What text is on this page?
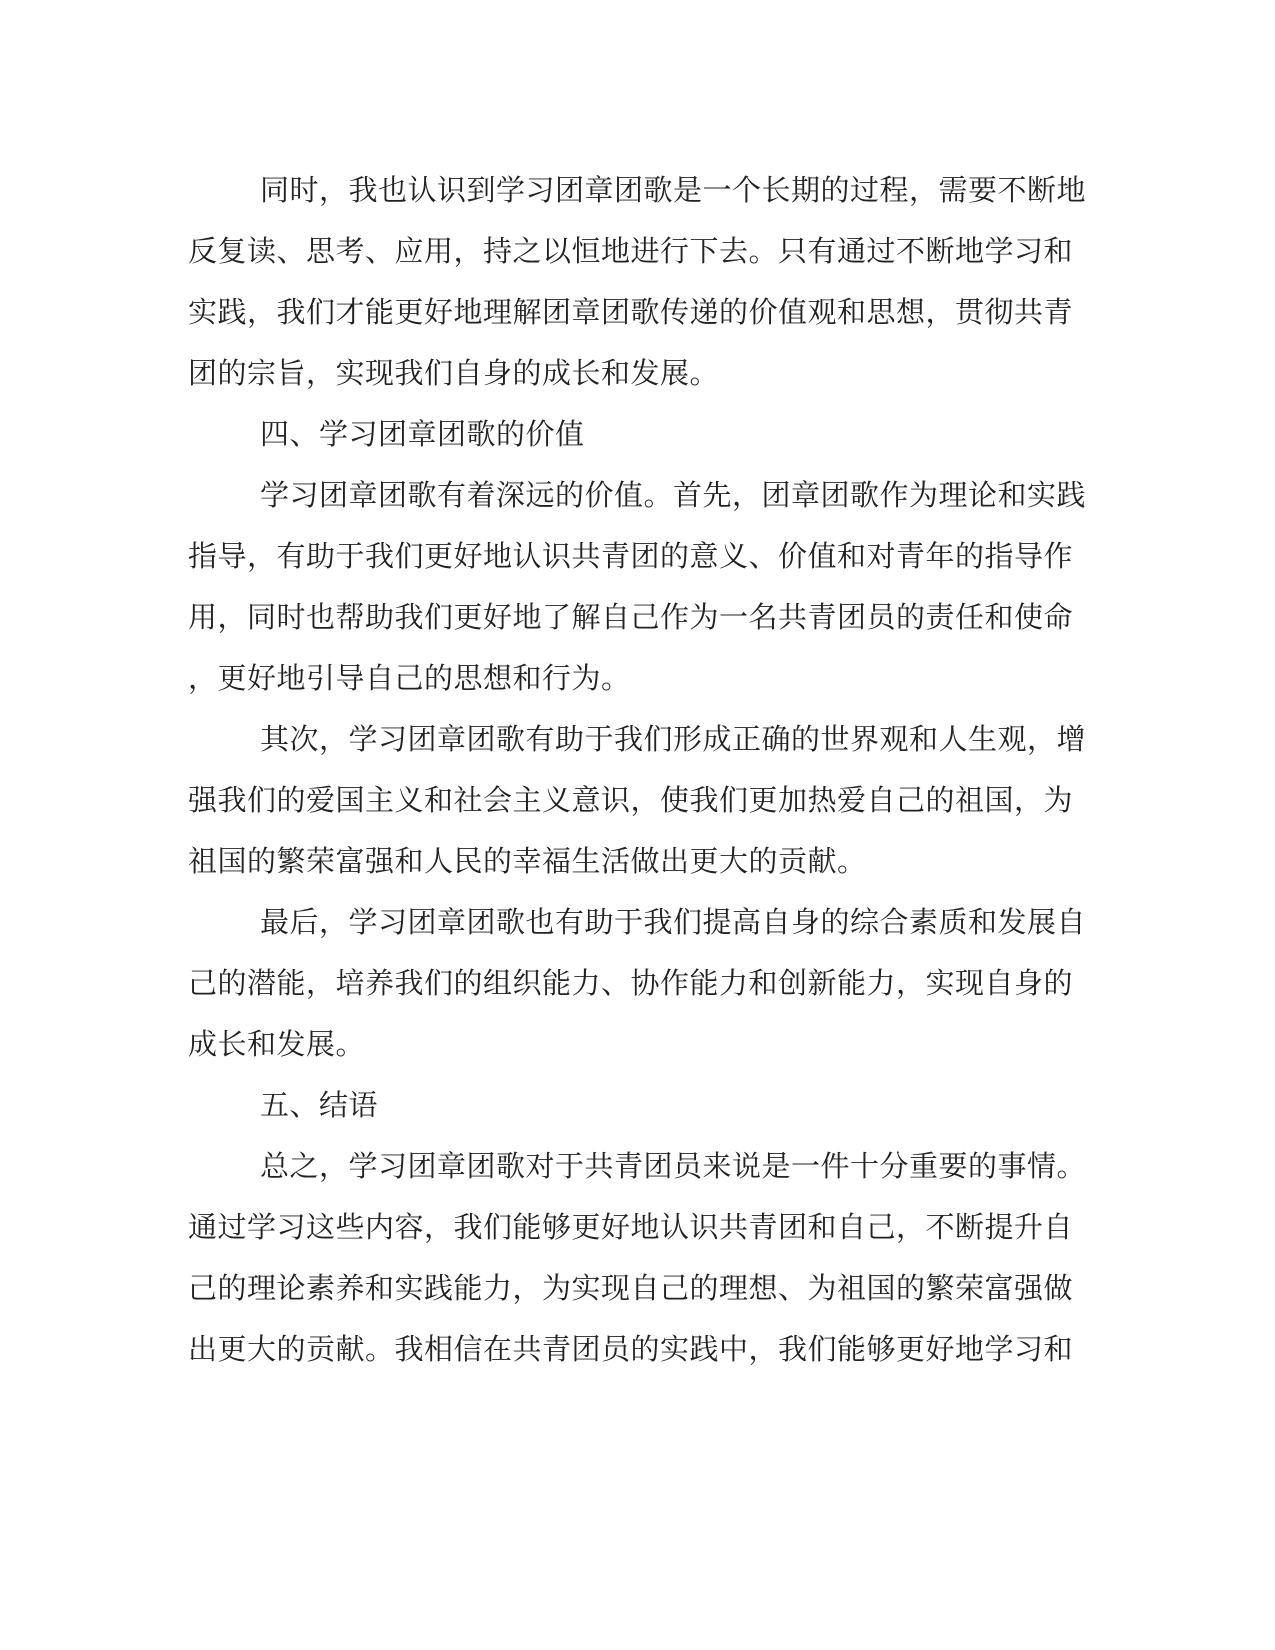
同时，我也认识到学习团章团歌是一个长期的过程，需要不断地
反复读、思考、应用，持之以恒地进行下去。只有通过不断地学习和
实践，我们才能更好地理解团章团歌传递的价值观和思想，贯彻共青
团的宗旨，实现我们自身的成长和发展。

四、学习团章团歌的价值

学习团章团歌有着深远的价值。首先，团章团歌作为理论和实践
指导，有助于我们更好地认识共青团的意义、价值和对青年的指导作
用，同时也帮助我们更好地了解自己作为一名共青团员的责任和使命
，更好地引导自己的思想和行为。

其次，学习团章团歌有助于我们形成正确的世界观和人生观，增
强我们的爱国主义和社会主义意识，使我们更加热爱自己的祖国，为
祖国的繁荣富强和人民的幸福生活做出更大的贡献。

最后，学习团章团歌也有助于我们提高自身的综合素质和发展自
己的潜能，培养我们的组织能力、协作能力和创新能力，实现自身的
成长和发展。

五、结语

总之，学习团章团歌对于共青团员来说是一件十分重要的事情。
通过学习这些内容，我们能够更好地认识共青团和自己，不断提升自
己的理论素养和实践能力，为实现自己的理想、为祖国的繁荣富强做
出更大的贡献。我相信在共青团员的实践中，我们能够更好地学习和
